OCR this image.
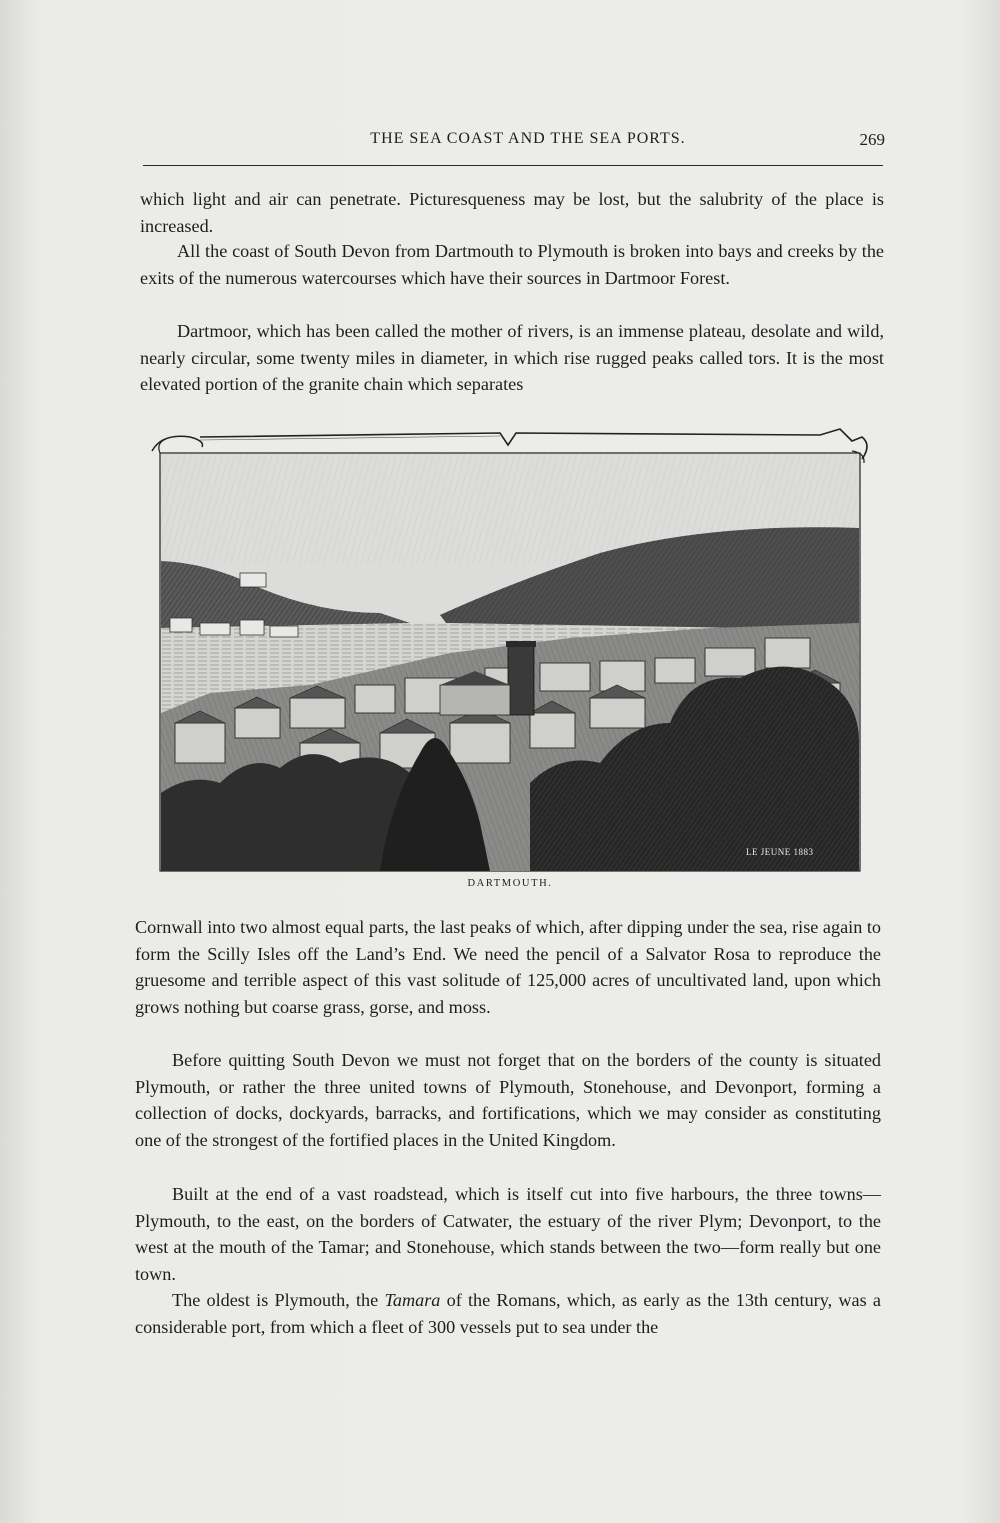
THE SEA COAST AND THE SEA PORTS.	269

which light and air can penetrate. Picturesqueness may be lost, but the salubrity of the place is increased.

All the coast of South Devon from Dartmouth to Plymouth is broken into bays and creeks by the exits of the numerous watercourses which have their sources in Dartmoor Forest.

Dartmoor, which has been called the mother of rivers, is an immense plateau, desolate and wild, nearly circular, some twenty miles in diameter, in which rise rugged peaks called tors. It is the most elevated portion of the granite chain which separates

LE JEUNE 1883
DARTMOUTH.

Cornwall into two almost equal parts, the last peaks of which, after dipping under the sea, rise again to form the Scilly Isles off the Land’s End. We need the pencil of a Salvator Rosa to reproduce the gruesome and terrible aspect of this vast solitude of 125,000 acres of uncultivated land, upon which grows nothing but coarse grass, gorse, and moss.

Before quitting South Devon we must not forget that on the borders of the county is situated Plymouth, or rather the three united towns of Plymouth, Stonehouse, and Devonport, forming a collection of docks, dockyards, barracks, and fortifications, which we may consider as constituting one of the strongest of the fortified places in the United Kingdom.

Built at the end of a vast roadstead, which is itself cut into five harbours, the three towns—Plymouth, to the east, on the borders of Catwater, the estuary of the river Plym; Devonport, to the west at the mouth of the Tamar; and Stonehouse, which stands between the two—form really but one town.

The oldest is Plymouth, the Tamara of the Romans, which, as early as the 13th century, was a considerable port, from which a fleet of 300 vessels put to sea under the
